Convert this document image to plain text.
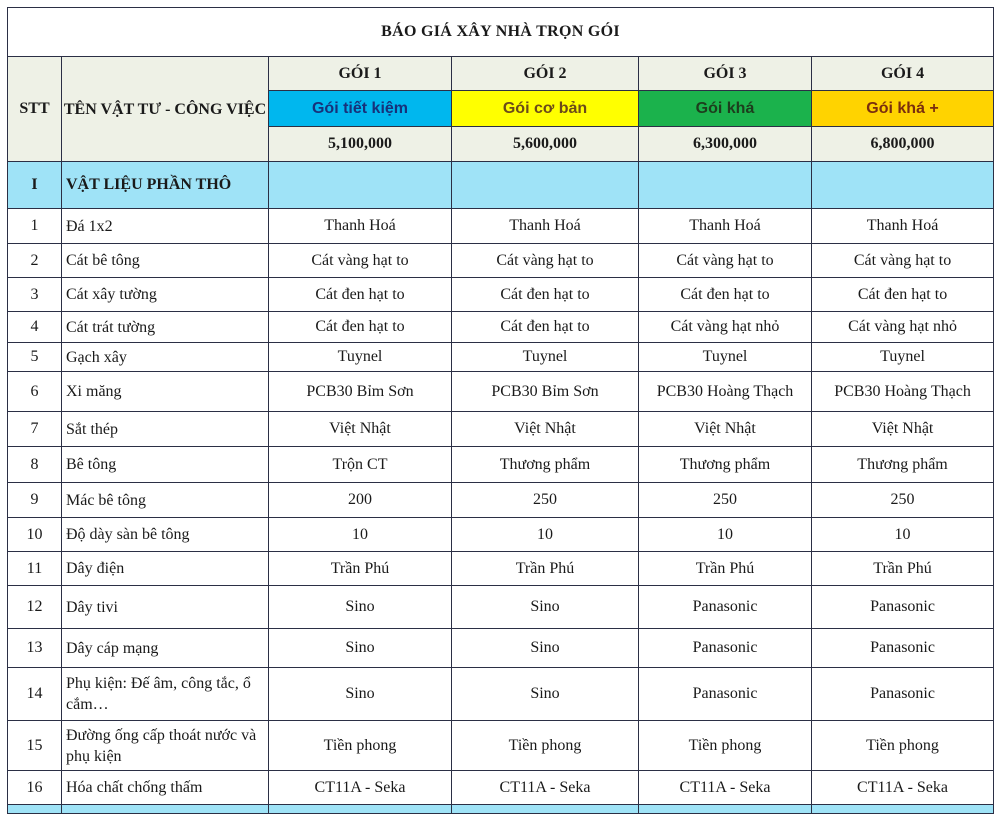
BÁO GIÁ XÂY NHÀ TRỌN GÓI					
STT	TÊN VẬT TƯ - CÔNG VIỆC	GÓI 1	GÓI 2	GÓI 3	GÓI 4
		Gói tiết kiệm	Gói cơ bản	Gói khá	Gói khá +
		5,100,000	5,600,000	6,300,000	6,800,000
I	VẬT LIỆU PHẦN THÔ				
1	Đá 1x2	Thanh Hoá	Thanh Hoá	Thanh Hoá	Thanh Hoá
2	Cát bê tông	Cát vàng hạt to	Cát vàng hạt to	Cát vàng hạt to	Cát vàng hạt to
3	Cát xây tường	Cát đen hạt to	Cát đen hạt to	Cát đen hạt to	Cát đen hạt to
4	Cát trát tường	Cát đen hạt to	Cát đen hạt to	Cát vàng hạt nhỏ	Cát vàng hạt nhỏ
5	Gạch xây	Tuynel	Tuynel	Tuynel	Tuynel
6	Xi măng	PCB30 Bỉm Sơn	PCB30 Bỉm Sơn	PCB30 Hoàng Thạch	PCB30 Hoàng Thạch
7	Sắt thép	Việt Nhật	Việt Nhật	Việt Nhật	Việt Nhật
8	Bê tông	Trộn CT	Thương phẩm	Thương phẩm	Thương phẩm
9	Mác bê tông	200	250	250	250
10	Độ dày sàn bê tông	10	10	10	10
11	Dây điện	Trần Phú	Trần Phú	Trần Phú	Trần Phú
12	Dây tivi	Sino	Sino	Panasonic	Panasonic
13	Dây cáp mạng	Sino	Sino	Panasonic	Panasonic
14	Phụ kiện: Đế âm, công tắc, ổ cắm…	Sino	Sino	Panasonic	Panasonic
15	Đường ống cấp thoát nước và phụ kiện	Tiền phong	Tiền phong	Tiền phong	Tiền phong
16	Hóa chất chống thấm	CT11A - Seka	CT11A - Seka	CT11A - Seka	CT11A - Seka
